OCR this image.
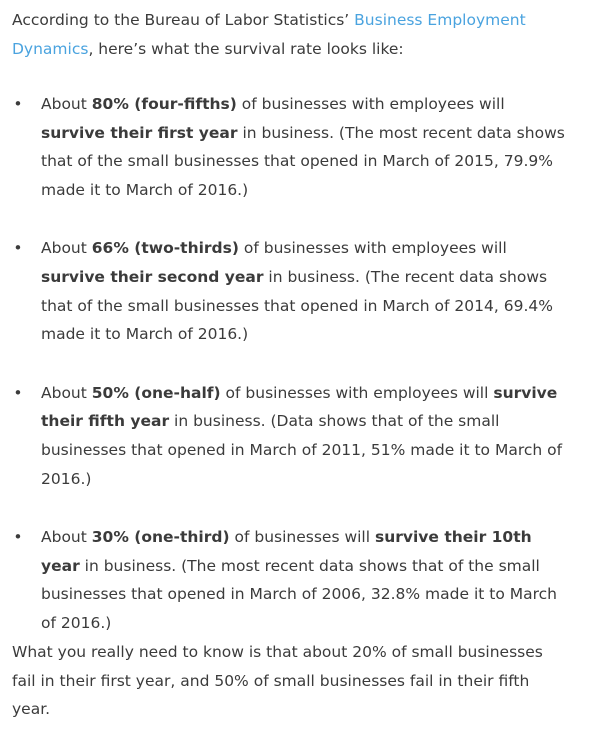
According to the Bureau of Labor Statistics’ Business Employment Dynamics, here’s what the survival rate looks like:

• About 80% (four-fifths) of businesses with employees will survive their first year in business. (The most recent data shows that of the small businesses that opened in March of 2015, 79.9% made it to March of 2016.)
• About 66% (two-thirds) of businesses with employees will survive their second year in business. (The recent data shows that of the small businesses that opened in March of 2014, 69.4% made it to March of 2016.)
• About 50% (one-half) of businesses with employees will survive their fifth year in business. (Data shows that of the small businesses that opened in March of 2011, 51% made it to March of 2016.)
• About 30% (one-third) of businesses will survive their 10th year in business. (The most recent data shows that of the small businesses that opened in March of 2006, 32.8% made it to March of 2016.)

What you really need to know is that about 20% of small businesses fail in their first year, and 50% of small businesses fail in their fifth year.
